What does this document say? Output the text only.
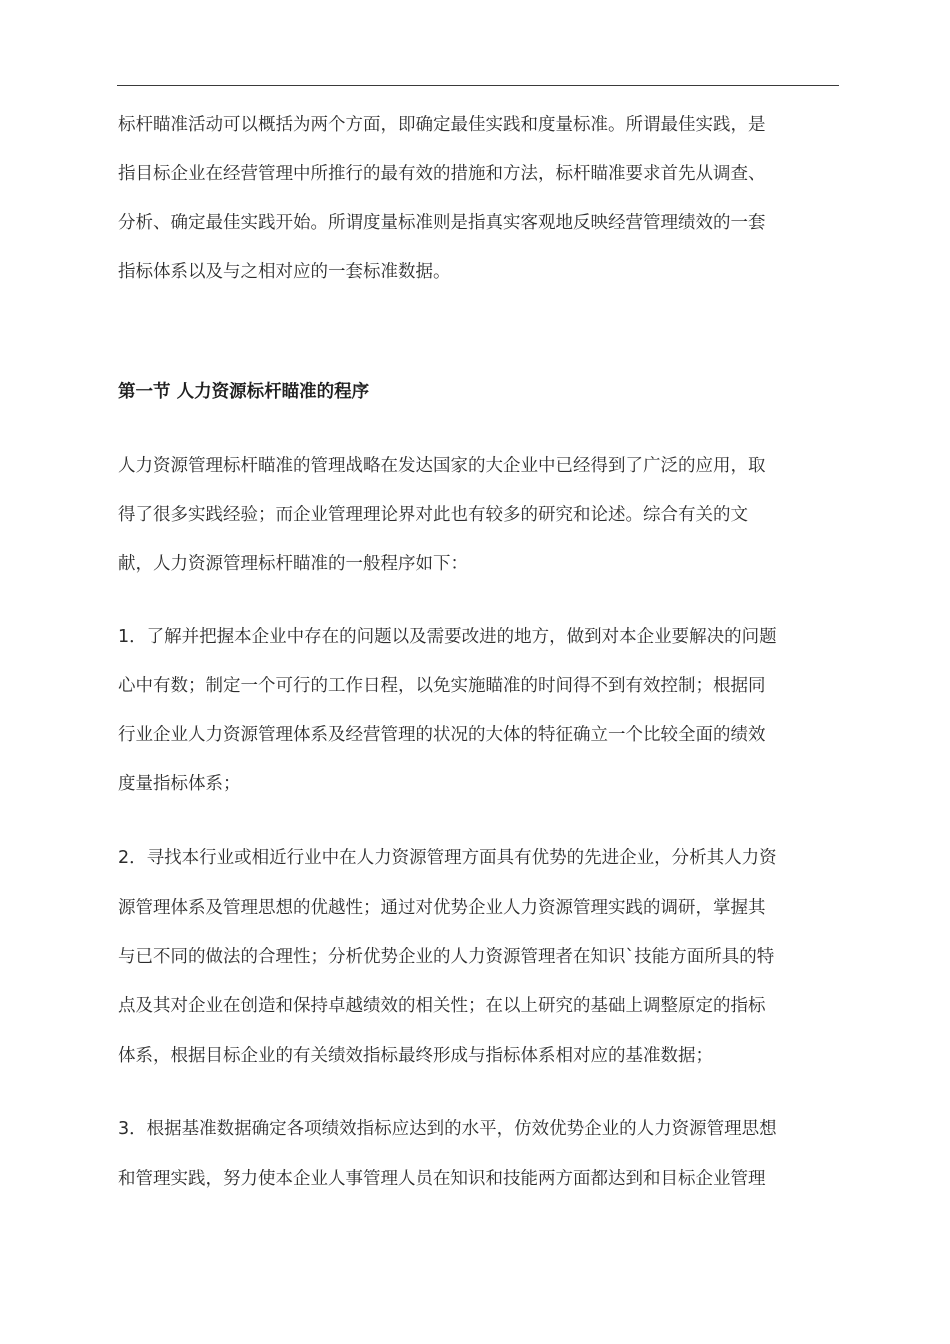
标杆瞄准活动可以概括为两个方面，即确定最佳实践和度量标准。所谓最佳实践，是
指目标企业在经营管理中所推行的最有效的措施和方法，标杆瞄准要求首先从调查、
分析、确定最佳实践开始。所谓度量标准则是指真实客观地反映经营管理绩效的一套
指标体系以及与之相对应的一套标准数据。
第一节 人力资源标杆瞄准的程序
人力资源管理标杆瞄准的管理战略在发达国家的大企业中已经得到了广泛的应用，取
得了很多实践经验；而企业管理理论界对此也有较多的研究和论述。综合有关的文
献，人力资源管理标杆瞄准的一般程序如下：
1．了解并把握本企业中存在的问题以及需要改进的地方，做到对本企业要解决的问题
心中有数；制定一个可行的工作日程，以免实施瞄准的时间得不到有效控制；根据同
行业企业人力资源管理体系及经营管理的状况的大体的特征确立一个比较全面的绩效
度量指标体系；
2．寻找本行业或相近行业中在人力资源管理方面具有优势的先进企业，分析其人力资
源管理体系及管理思想的优越性；通过对优势企业人力资源管理实践的调研，掌握其
与已不同的做法的合理性；分析优势企业的人力资源管理者在知识`技能方面所具的特
点及其对企业在创造和保持卓越绩效的相关性；在以上研究的基础上调整原定的指标
体系，根据目标企业的有关绩效指标最终形成与指标体系相对应的基准数据；
3．根据基准数据确定各项绩效指标应达到的水平，仿效优势企业的人力资源管理思想
和管理实践，努力使本企业人事管理人员在知识和技能两方面都达到和目标企业管理
